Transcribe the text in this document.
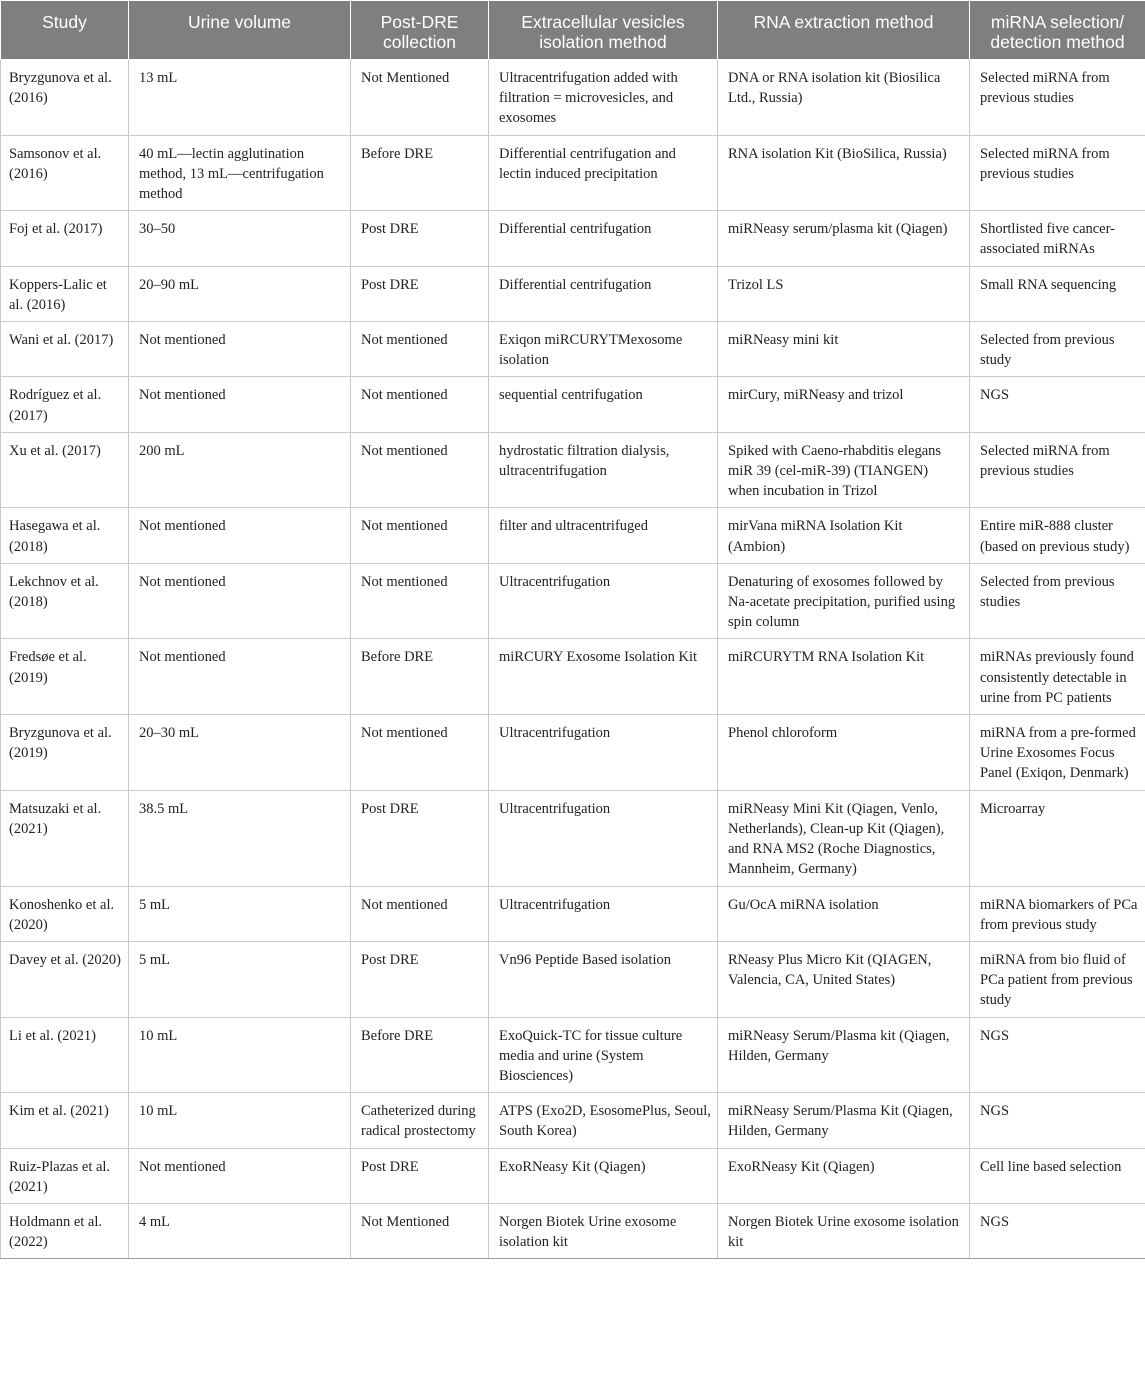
Study	Urine volume	Post-DRE collection	Extracellular vesicles isolation method	RNA extraction method	miRNA selection/ detection method
Bryzgunova et al. (2016)	13 mL	Not Mentioned	Ultracentrifugation added with filtration = microvesicles, and exosomes	DNA or RNA isolation kit (Biosilica Ltd., Russia)	Selected miRNA from previous studies
Samsonov et al. (2016)	40 mL—lectin agglutination method, 13 mL—centrifugation method	Before DRE	Differential centrifugation and lectin induced precipitation	RNA isolation Kit (BioSilica, Russia)	Selected miRNA from previous studies
Foj et al. (2017)	30–50	Post DRE	Differential centrifugation	miRNeasy serum/plasma kit (Qiagen)	Shortlisted five cancer-associated miRNAs
Koppers-Lalic et al. (2016)	20–90 mL	Post DRE	Differential centrifugation	Trizol LS	Small RNA sequencing
Wani et al. (2017)	Not mentioned	Not mentioned	Exiqon miRCURYTMexosome isolation	miRNeasy mini kit	Selected from previous study
Rodríguez et al. (2017)	Not mentioned	Not mentioned	sequential centrifugation	mirCury, miRNeasy and trizol	NGS
Xu et al. (2017)	200 mL	Not mentioned	hydrostatic filtration dialysis, ultracentrifugation	Spiked with Caeno-rhabditis elegans miR 39 (cel-miR-39) (TIANGEN) when incubation in Trizol	Selected miRNA from previous studies
Hasegawa et al. (2018)	Not mentioned	Not mentioned	filter and ultracentrifuged	mirVana miRNA Isolation Kit (Ambion)	Entire miR-888 cluster (based on previous study)
Lekchnov et al. (2018)	Not mentioned	Not mentioned	Ultracentrifugation	Denaturing of exosomes followed by Na-acetate precipitation, purified using spin column	Selected from previous studies
Fredsøe et al. (2019)	Not mentioned	Before DRE	miRCURY Exosome Isolation Kit	miRCURYTM RNA Isolation Kit	miRNAs previously found consistently detectable in urine from PC patients
Bryzgunova et al. (2019)	20–30 mL	Not mentioned	Ultracentrifugation	Phenol chloroform	miRNA from a pre-formed Urine Exosomes Focus Panel (Exiqon, Denmark)
Matsuzaki et al. (2021)	38.5 mL	Post DRE	Ultracentrifugation	miRNeasy Mini Kit (Qiagen, Venlo, Netherlands), Clean-up Kit (Qiagen), and RNA MS2 (Roche Diagnostics, Mannheim, Germany)	Microarray
Konoshenko et al. (2020)	5 mL	Not mentioned	Ultracentrifugation	Gu/OcA miRNA isolation	miRNA biomarkers of PCa from previous study
Davey et al. (2020)	5 mL	Post DRE	Vn96 Peptide Based isolation	RNeasy Plus Micro Kit (QIAGEN, Valencia, CA, United States)	miRNA from bio fluid of PCa patient from previous study
Li et al. (2021)	10 mL	Before DRE	ExoQuick-TC for tissue culture media and urine (System Biosciences)	miRNeasy Serum/Plasma kit (Qiagen, Hilden, Germany	NGS
Kim et al. (2021)	10 mL	Catheterized during radical prostectomy	ATPS (Exo2D, EsosomePlus, Seoul, South Korea)	miRNeasy Serum/Plasma Kit (Qiagen, Hilden, Germany	NGS
Ruiz-Plazas et al. (2021)	Not mentioned	Post DRE	ExoRNeasy Kit (Qiagen)	ExoRNeasy Kit (Qiagen)	Cell line based selection
Holdmann et al. (2022)	4 mL	Not Mentioned	Norgen Biotek Urine exosome isolation kit	Norgen Biotek Urine exosome isolation kit	NGS
